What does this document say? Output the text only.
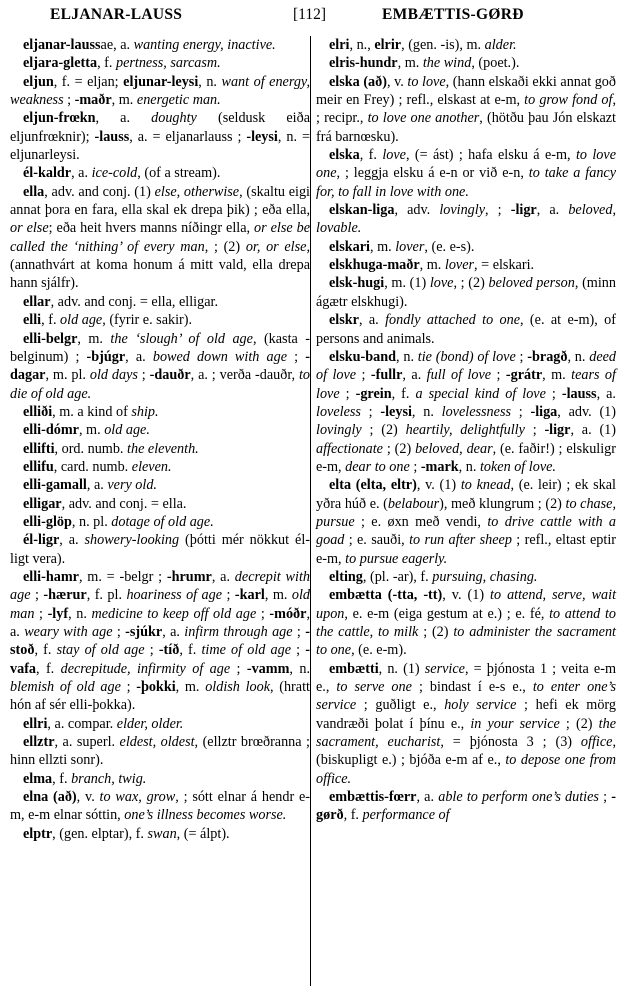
ELJANAR-LAUSS	[112]	EMBÆTTIS-GØRÐ

eljanar-laussae, a. wanting energy, inactive.

eljara-gletta, f. pertness, sarcasm.

eljun, f. = eljan; eljunar-leysi, n. want of energy, weakness ; -maðr, m. energetic man.

eljun-frœkn, a. doughty (seldusk eiða eljunfrœknir); -lauss, a. = eljanarlauss ; -leysi, n. = eljunarleysi.

él-kaldr, a. ice-cold, (of a stream).

ella, adv. and conj. (1) else, otherwise, (skaltu eigi annat þora en fara, ella skal ek drepa þik) ; eða ella, or else; eða heit hvers manns níðingr ella, or else be called the ‘nithing’ of every man, ; (2) or, or else, (annathvárt at koma honum á mitt vald, ella drepa hann sjálfr).

ellar, adv. and conj. = ella, elligar.

elli, f. old age, (fyrir e. sakir).

elli-belgr, m. the ‘slough’ of old age, (kasta -belginum) ; -bjúgr, a. bowed down with age ; -dagar, m. pl. old days ; -dauðr, a. ; verða -dauðr, to die of old age.

elliði, m. a kind of ship.

elli-dómr, m. old age.

ellifti, ord. numb. the eleventh.

ellifu, card. numb. eleven.

elli-gamall, a. very old.

elligar, adv. and conj. = ella.

elli-glöp, n. pl. dotage of old age.

él-ligr, a. showery-looking (þótti mér nökkut él-ligt vera).

elli-hamr, m. = -belgr ; -hrumr, a. decrepit with age ; -hærur, f. pl. hoariness of age ; -karl, m. old man ; -lyf, n. medicine to keep off old age ; -móðr, a. weary with age ; -sjúkr, a. infirm through age ; -stoð, f. stay of old age ; -tíð, f. time of old age ; -vafa, f. decrepitude, infirmity of age ; -vamm, n. blemish of old age ; -þokki, m. oldish look, (hratt hón af sér elli-þokka).

ellri, a. compar. elder, older.

ellztr, a. superl. eldest, oldest, (ellztr brœðranna ; hinn ellzti sonr).

elma, f. branch, twig.

elna (að), v. to wax, grow, ; sótt elnar á hendr e-m, e-m elnar sóttin, one’s illness becomes worse.

elptr, (gen. elptar), f. swan, (= álpt).

elri, n., elrir, (gen. -is), m. alder.

elris-hundr, m. the wind, (poet.).

elska (að), v. to love, (hann elskaði ekki annat goð meir en Frey) ; refl., elskast at e-m, to grow fond of, ; recipr., to love one another, (hötðu þau Jón elskazt frá barnœsku).

elska, f. love, (= ást) ; hafa elsku á e-m, to love one, ; leggja elsku á e-n or við e-n, to take a fancy for, to fall in love with one.

elskan-liga, adv. lovingly, ; -ligr, a. beloved, lovable.

elskari, m. lover, (e. e-s).

elskhuga-maðr, m. lover, = elskari.

elsk-hugi, m. (1) love, ; (2) beloved person, (minn ágætr elskhugi).

elskr, a. fondly attached to one, (e. at e-m), of persons and animals.

elsku-band, n. tie (bond) of love ; -bragð, n. deed of love ; -fullr, a. full of love ; -grátr, m. tears of love ; -grein, f. a special kind of love ; -lauss, a. loveless ; -leysi, n. lovelessness ; -liga, adv. (1) lovingly ; (2) heartily, delightfully ; -ligr, a. (1) affectionate ; (2) beloved, dear, (e. faðir!) ; elskuligr e-m, dear to one ; -mark, n. token of love.

elta (elta, eltr), v. (1) to knead, (e. leir) ; ek skal yðra húð e. (belabour), með klungrum ; (2) to chase, pursue ; e. øxn með vendi, to drive cattle with a goad ; e. sauði, to run after sheep ; refl., eltast eptir e-m, to pursue eagerly.

elting, (pl. -ar), f. pursuing, chasing.

embætta (-tta, -tt), v. (1) to attend, serve, wait upon, e. e-m (eiga gestum at e.) ; e. fé, to attend to the cattle, to milk ; (2) to administer the sacrament to one, (e. e-m).

embætti, n. (1) service, = þjónosta 1 ; veita e-m e., to serve one ; bindast í e-s e., to enter one’s service ; guðligt e., holy service ; hefi ek mörg vandræði þolat í þínu e., in your service ; (2) the sacrament, eucharist, = þjónosta 3 ; (3) office, (biskupligt e.) ; bjóða e-m af e., to depose one from office.

embættis-fœrr, a. able to perform one’s duties ; -gørð, f. performance of
